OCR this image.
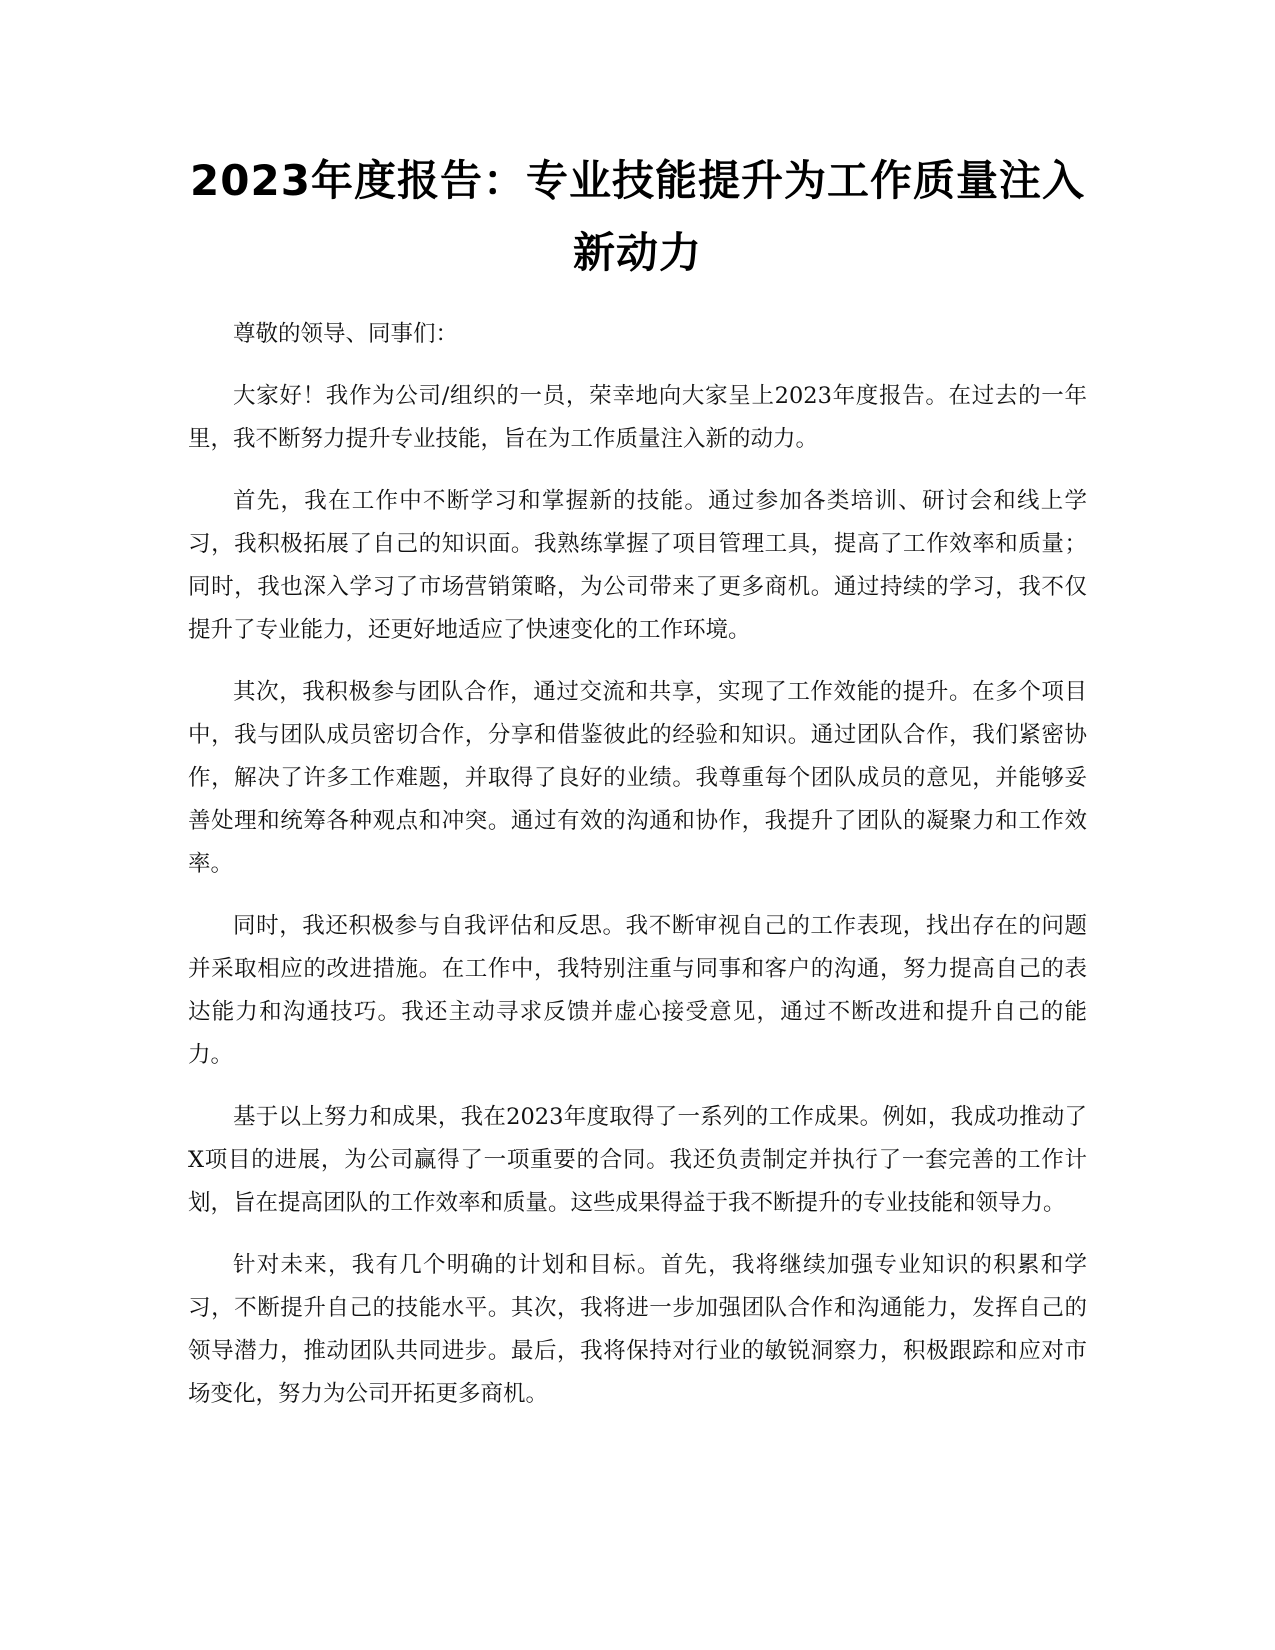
2023年度报告：专业技能提升为工作质量注入新动力

尊敬的领导、同事们：

大家好！我作为公司/组织的一员，荣幸地向大家呈上2023年度报告。在过去的一年里，我不断努力提升专业技能，旨在为工作质量注入新的动力。

首先，我在工作中不断学习和掌握新的技能。通过参加各类培训、研讨会和线上学习，我积极拓展了自己的知识面。我熟练掌握了项目管理工具，提高了工作效率和质量；同时，我也深入学习了市场营销策略，为公司带来了更多商机。通过持续的学习，我不仅提升了专业能力，还更好地适应了快速变化的工作环境。

其次，我积极参与团队合作，通过交流和共享，实现了工作效能的提升。在多个项目中，我与团队成员密切合作，分享和借鉴彼此的经验和知识。通过团队合作，我们紧密协作，解决了许多工作难题，并取得了良好的业绩。我尊重每个团队成员的意见，并能够妥善处理和统筹各种观点和冲突。通过有效的沟通和协作，我提升了团队的凝聚力和工作效率。

同时，我还积极参与自我评估和反思。我不断审视自己的工作表现，找出存在的问题并采取相应的改进措施。在工作中，我特别注重与同事和客户的沟通，努力提高自己的表达能力和沟通技巧。我还主动寻求反馈并虚心接受意见，通过不断改进和提升自己的能力。

基于以上努力和成果，我在2023年度取得了一系列的工作成果。例如，我成功推动了X项目的进展，为公司赢得了一项重要的合同。我还负责制定并执行了一套完善的工作计划，旨在提高团队的工作效率和质量。这些成果得益于我不断提升的专业技能和领导力。

针对未来，我有几个明确的计划和目标。首先，我将继续加强专业知识的积累和学习，不断提升自己的技能水平。其次，我将进一步加强团队合作和沟通能力，发挥自己的领导潜力，推动团队共同进步。最后，我将保持对行业的敏锐洞察力，积极跟踪和应对市场变化，努力为公司开拓更多商机。
